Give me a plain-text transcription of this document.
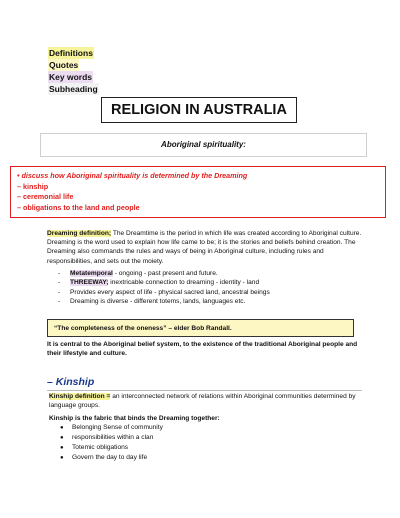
Definitions
Quotes
Key words
Subheading
RELIGION IN AUSTRALIA
Aboriginal spirituality:
• discuss how Aboriginal spirituality is determined by the Dreaming
– kinship
– ceremonial life
– obligations to the land and people
Dreaming definition; The Dreamtime is the period in which life was created according to Aboriginal culture. Dreaming is the word used to explain how life came to be; it is the stories and beliefs behind creation. The Dreaming also commands the rules and ways of being in Aboriginal culture, including rules and responsibilities, and sets out the moiety.
- Metatemporal - ongoing - past present and future.
- THREEWAY; inextricable connection to dreaming - identity - land
- Provides every aspect of life - physical sacred land, ancestral beings
- Dreaming is diverse - different totems, lands, languages etc.
“The completeness of the oneness” – elder Bob Randall.
It is central to the Aboriginal belief system, to the existence of the traditional Aboriginal people and their lifestyle and culture.
– Kinship
Kinship definition = an interconnected network of relations within Aboriginal communities determined by language groups.
Kinship is the fabric that binds the Dreaming together:
● Belonging Sense of community
● responsibilities within a clan
● Totemic obligations
● Govern the day to day life
